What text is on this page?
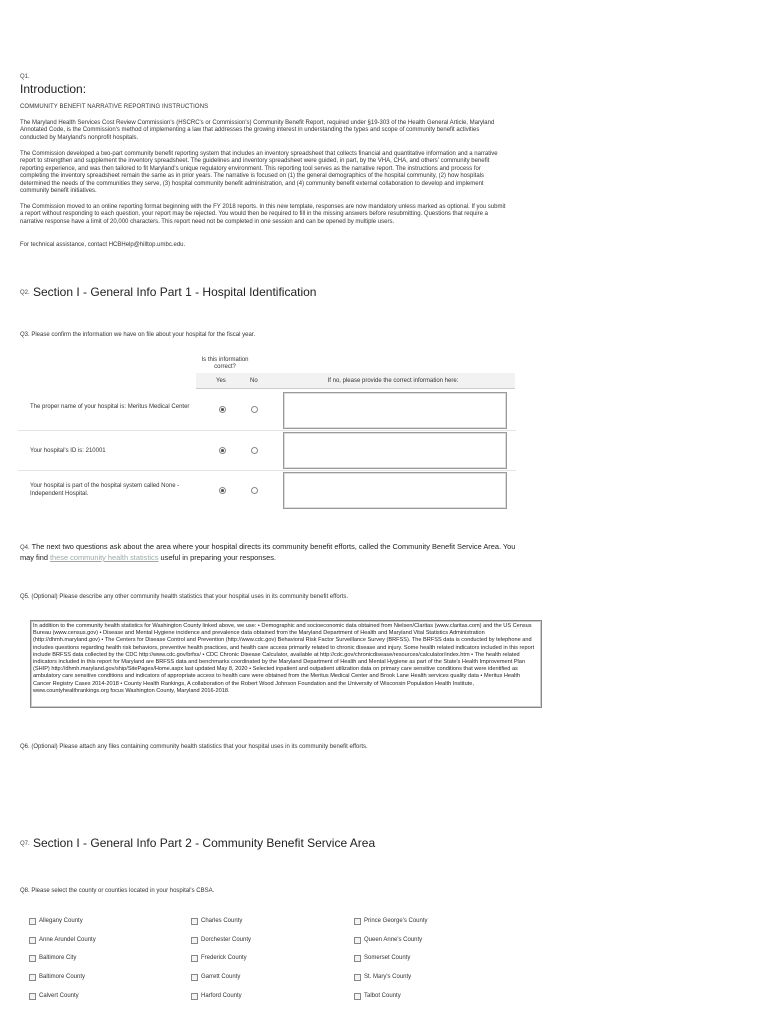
Q1.
Introduction:
COMMUNITY BENEFIT NARRATIVE REPORTING INSTRUCTIONS
The Maryland Health Services Cost Review Commission's (HSCRC's or Commission's) Community Benefit Report, required under §19-303 of the Health General Article, Maryland Annotated Code, is the Commission's method of implementing a law that addresses the growing interest in understanding the types and scope of community benefit activities conducted by Maryland's nonprofit hospitals.
The Commission developed a two-part community benefit reporting system that includes an inventory spreadsheet that collects financial and quantitative information and a narrative report to strengthen and supplement the inventory spreadsheet. The guidelines and inventory spreadsheet were guided, in part, by the VHA, CHA, and others' community benefit reporting experience, and was then tailored to fit Maryland's unique regulatory environment. This reporting tool serves as the narrative report. The instructions and process for completing the inventory spreadsheet remain the same as in prior years. The narrative is focused on (1) the general demographics of the hospital community, (2) how hospitals determined the needs of the communities they serve, (3) hospital community benefit administration, and (4) community benefit external collaboration to develop and implement community benefit initiatives.
The Commission moved to an online reporting format beginning with the FY 2018 reports. In this new template, responses are now mandatory unless marked as optional. If you submit a report without responding to each question, your report may be rejected. You would then be required to fill in the missing answers before resubmitting. Questions that require a narrative response have a limit of 20,000 characters. This report need not be completed in one session and can be opened by multiple users.
For technical assistance, contact HCBHelp@hilltop.umbc.edu.
Q2. Section I - General Info Part 1 - Hospital Identification
Q3. Please confirm the information we have on file about your hospital for the fiscal year.
Is this information correct?
Yes	No	If no, please provide the correct information here:
The proper name of your hospital is: Meritus Medical Center
Your hospital's ID is: 210001
Your hospital is part of the hospital system called None - Independent Hospital.
Q4. The next two questions ask about the area where your hospital directs its community benefit efforts, called the Community Benefit Service Area. You may find these community health statistics useful in preparing your responses.
Q5. (Optional) Please describe any other community health statistics that your hospital uses in its community benefit efforts.
In addition to the community health statistics for Washington County linked above, we use: • Demographic and socioeconomic data obtained from Nielsen/Claritas (www.claritas.com) and the US Census Bureau (www.census.gov) • Disease and Mental Hygiene incidence and prevalence data obtained from the Maryland Department of Health and Maryland Vital Statistics Administration (http://dhmh.maryland.gov) • The Centers for Disease Control and Prevention (http://www.cdc.gov) Behavioral Risk Factor Surveillance Survey (BRFSS). The BRFSS data is conducted by telephone and includes questions regarding health risk behaviors, preventive health practices, and health care access primarily related to chronic disease and injury. Some health related indicators included in this report include BRFSS data collected by the CDC http://www.cdc.gov/brfss/ • CDC Chronic Disease Calculator, available at http://cdc.gov/chronicdisease/resources/calculator/index.htm • The health related indicators included in this report for Maryland are BRFSS data and benchmarks coordinated by the Maryland Department of Health and Mental Hygiene as part of the State's Health Improvement Plan (SHIP) http://dhmh.maryland.gov/ship/SitePages/Home.aspx last updated May 8, 2020 • Selected inpatient and outpatient utilization data on primary care sensitive conditions that were identified as ambulatory care sensitive conditions and indicators of appropriate access to health care were obtained from the Meritus Medical Center and Brook Lane Health services quality data • Meritus Health Cancer Registry Cases 2014-2018 • County Health Rankings, A collaboration of the Robert Wood Johnson Foundation and the University of Wisconsin Population Health Institute, www.countyhealthrankings.org focus Washington County, Maryland 2016-2018.
Q6. (Optional) Please attach any files containing community health statistics that your hospital uses in its community benefit efforts.
Q7. Section I - General Info Part 2 - Community Benefit Service Area
Q8. Please select the county or counties located in your hospital's CBSA.
Allegany County
Anne Arundel County
Baltimore City
Baltimore County
Calvert County
Charles County
Dorchester County
Frederick County
Garrett County
Harford County
Prince George's County
Queen Anne's County
Somerset County
St. Mary's County
Talbot County
